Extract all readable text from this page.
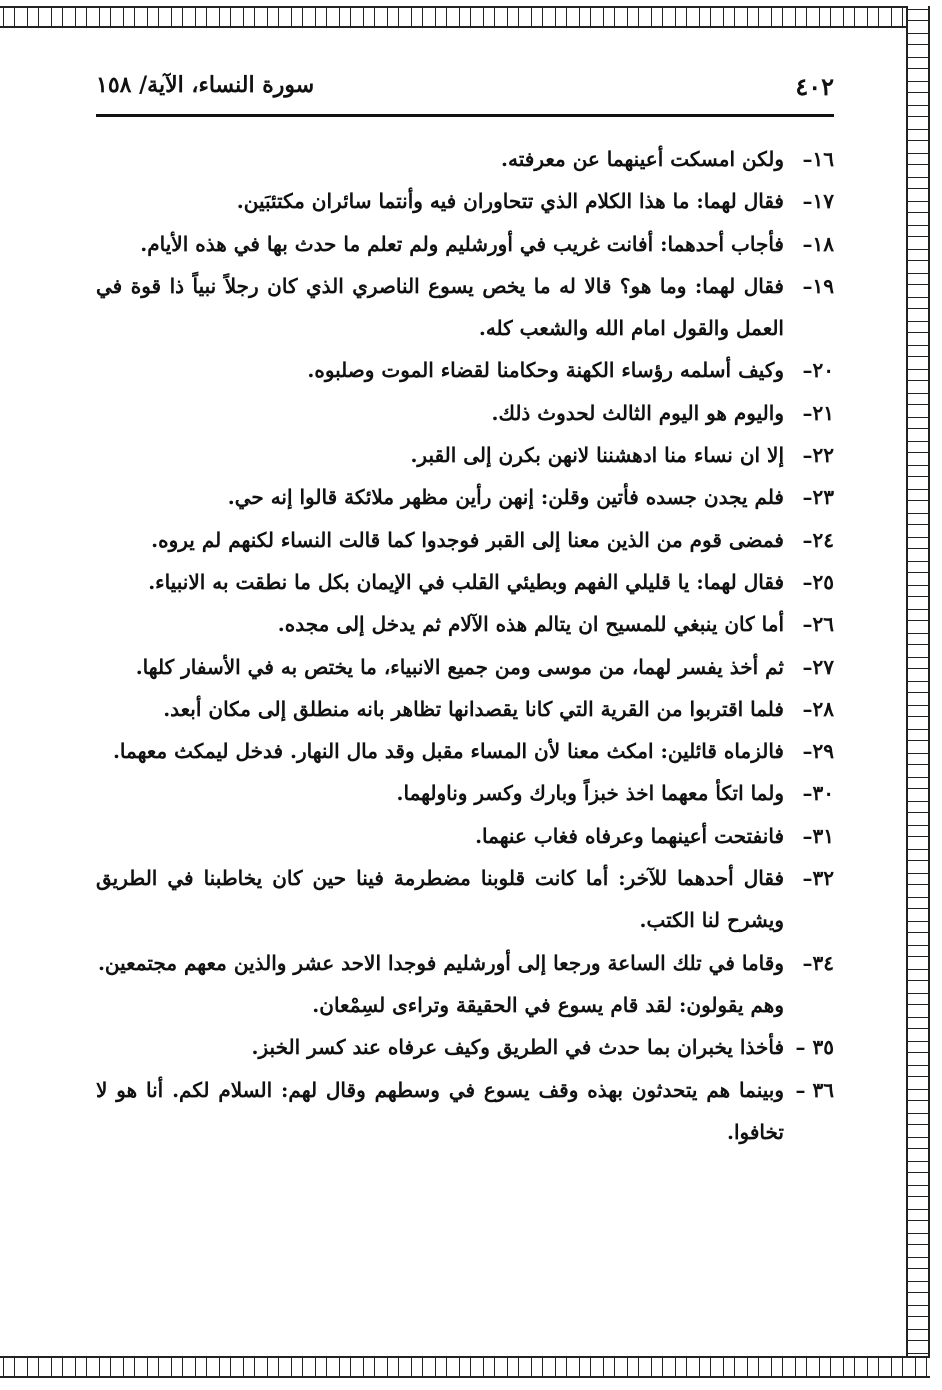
٤٠٢
سورة النساء، الآية/ ١٥٨

١٦–
ولكن امسكت أعينهما عن معرفته.

١٧–
فقال لهما: ما هذا الكلام الذي تتحاوران فيه وأنتما سائران مكتئبَين.

١٨–
فأجاب أحدهما: أفانت غريب في أورشليم ولم تعلم ما حدث بها في هذه الأيام.

١٩–
فقال لهما: وما هو؟ قالا له ما يخص يسوع الناصري الذي كان رجلاً نبياً ذا قوة في العمل والقول امام الله والشعب كله.

٢٠–
وكيف أسلمه رؤساء الكهنة وحكامنا لقضاء الموت وصلبوه.

٢١–
واليوم هو اليوم الثالث لحدوث ذلك.

٢٢–
إلا ان نساء منا ادهشننا لانهن بكرن إلى القبر.

٢٣–
فلم يجدن جسده فأتين وقلن: إنهن رأين مظهر ملائكة قالوا إنه حي.

٢٤–
فمضى قوم من الذين معنا إلى القبر فوجدوا كما قالت النساء لكنهم لم يروه.

٢٥–
فقال لهما: يا قليلي الفهم وبطيئي القلب في الإيمان بكل ما نطقت به الانبياء.

٢٦–
أما كان ينبغي للمسيح ان يتالم هذه الآلام ثم يدخل إلى مجده.

٢٧–
ثم أخذ يفسر لهما، من موسى ومن جميع الانبياء، ما يختص به في الأسفار كلها.

٢٨–
فلما اقتربوا من القرية التي كانا يقصدانها تظاهر بانه منطلق إلى مكان أبعد.

٢٩–
فالزماه قائلين: امكث معنا لأن المساء مقبل وقد مال النهار. فدخل ليمكث معهما.

٣٠–
ولما اتكأ معهما اخذ خبزاً وبارك وكسر وناولهما.

٣١–
فانفتحت أعينهما وعرفاه فغاب عنهما.

٣٢–
فقال أحدهما للآخر: أما كانت قلوبنا مضطرمة فينا حين كان يخاطبنا في الطريق ويشرح لنا الكتب.

٣٤–
وقاما في تلك الساعة ورجعا إلى أورشليم فوجدا الاحد عشر والذين معهم مجتمعين.

وهم يقولون: لقد قام يسوع في الحقيقة وتراءى لسِمْعان.

٣٥ –
فأخذا يخبران بما حدث في الطريق وكيف عرفاه عند كسر الخبز.

٣٦ –
وبينما هم يتحدثون بهذه وقف يسوع في وسطهم وقال لهم: السلام لكم. أنا هو لا تخافوا.
